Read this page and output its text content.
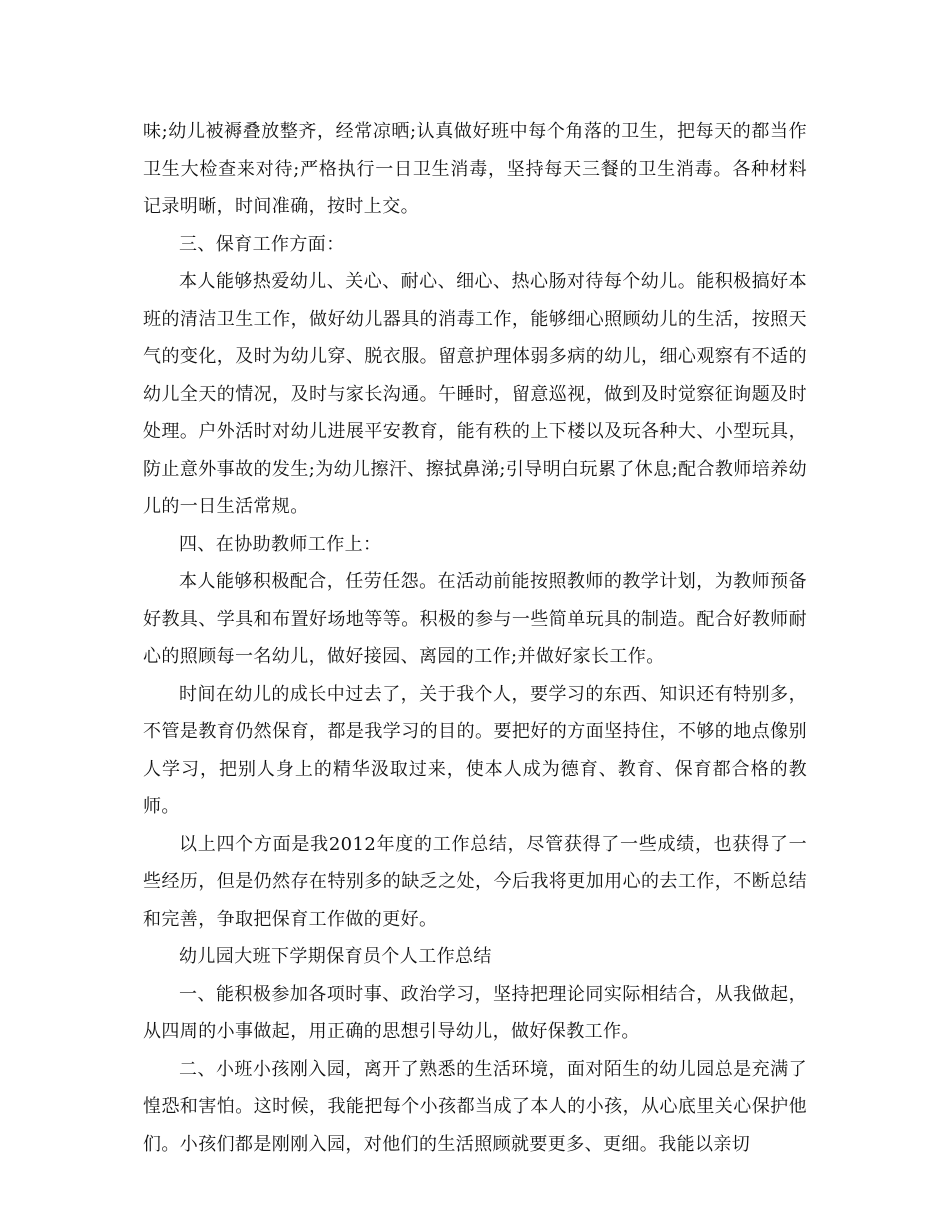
味;幼儿被褥叠放整齐，经常凉晒;认真做好班中每个角落的卫生，把每天的都当作卫生大检查来对待;严格执行一日卫生消毒，坚持每天三餐的卫生消毒。各种材料记录明晰，时间准确，按时上交。

三、保育工作方面：

本人能够热爱幼儿、关心、耐心、细心、热心肠对待每个幼儿。能积极搞好本班的清洁卫生工作，做好幼儿器具的消毒工作，能够细心照顾幼儿的生活，按照天气的变化，及时为幼儿穿、脱衣服。留意护理体弱多病的幼儿，细心观察有不适的幼儿全天的情况，及时与家长沟通。午睡时，留意巡视，做到及时觉察征询题及时处理。户外活时对幼儿进展平安教育，能有秩的上下楼以及玩各种大、小型玩具，防止意外事故的发生;为幼儿擦汗、擦拭鼻涕;引导明白玩累了休息;配合教师培养幼儿的一日生活常规。

四、在协助教师工作上：

本人能够积极配合，任劳任怨。在活动前能按照教师的教学计划，为教师预备好教具、学具和布置好场地等等。积极的参与一些简单玩具的制造。配合好教师耐心的照顾每一名幼儿，做好接园、离园的工作;并做好家长工作。

时间在幼儿的成长中过去了，关于我个人，要学习的东西、知识还有特别多，不管是教育仍然保育，都是我学习的目的。要把好的方面坚持住，不够的地点像别人学习，把别人身上的精华汲取过来，使本人成为德育、教育、保育都合格的教师。

以上四个方面是我2012年度的工作总结，尽管获得了一些成绩，也获得了一些经历，但是仍然存在特别多的缺乏之处，今后我将更加用心的去工作，不断总结和完善，争取把保育工作做的更好。

幼儿园大班下学期保育员个人工作总结

一、能积极参加各项时事、政治学习，坚持把理论同实际相结合，从我做起，从四周的小事做起，用正确的思想引导幼儿，做好保教工作。

二、小班小孩刚入园，离开了熟悉的生活环境，面对陌生的幼儿园总是充满了惶恐和害怕。这时候，我能把每个小孩都当成了本人的小孩，从心底里关心保护他们。小孩们都是刚刚入园，对他们的生活照顾就要更多、更细。我能以亲切
